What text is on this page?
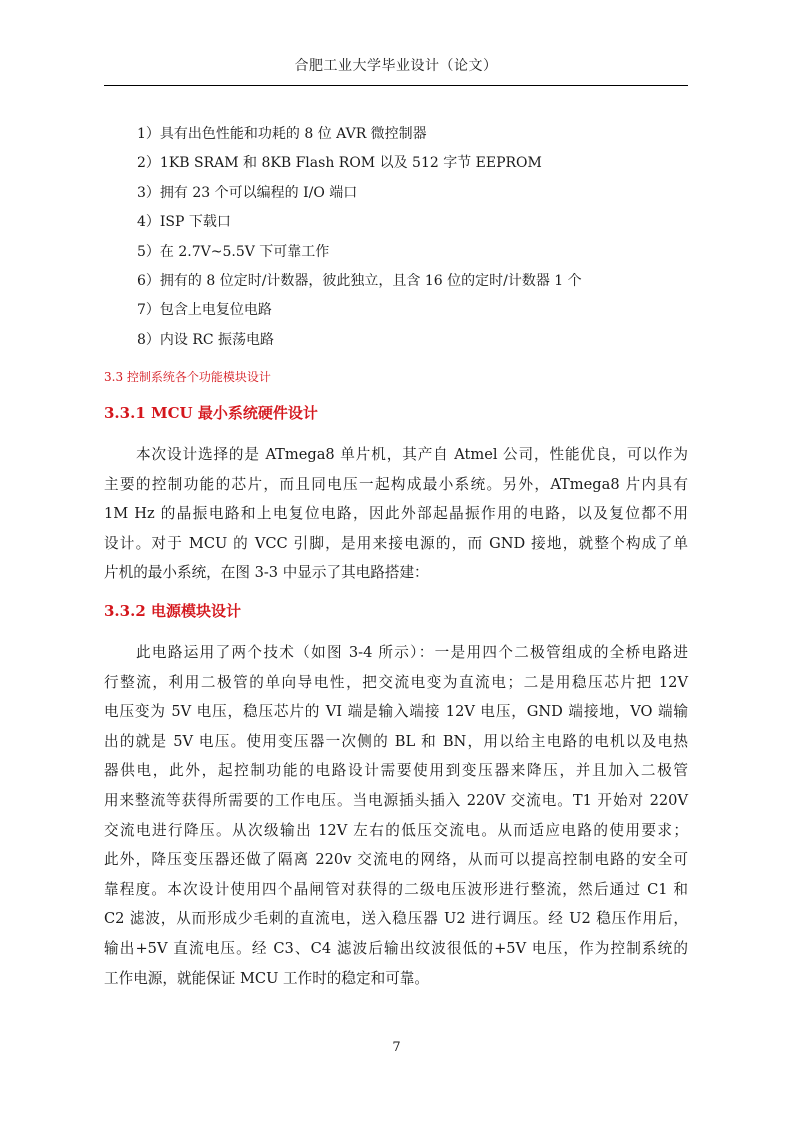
合肥工业大学毕业设计（论文）
1）具有出色性能和功耗的 8 位 AVR 微控制器
2）1KB SRAM 和 8KB Flash ROM 以及 512 字节 EEPROM
3）拥有 23 个可以编程的 I/O 端口
4）ISP 下载口
5）在 2.7V~5.5V 下可靠工作
6）拥有的 8 位定时/计数器，彼此独立，且含 16 位的定时/计数器 1 个
7）包含上电复位电路
8）内设 RC 振荡电路
3.3 控制系统各个功能模块设计
3.3.1 MCU 最小系统硬件设计
本次设计选择的是 ATmega8 单片机，其产自 Atmel 公司，性能优良，可以作为
主要的控制功能的芯片，而且同电压一起构成最小系统。另外，ATmega8 片内具有
1M Hz 的晶振电路和上电复位电路，因此外部起晶振作用的电路，以及复位都不用
设计。对于 MCU 的 VCC 引脚，是用来接电源的，而 GND 接地，就整个构成了单
片机的最小系统，在图 3-3 中显示了其电路搭建：
3.3.2 电源模块设计
此电路运用了两个技术（如图 3-4 所示）：一是用四个二极管组成的全桥电路进
行整流，利用二极管的单向导电性，把交流电变为直流电；二是用稳压芯片把 12V
电压变为 5V 电压，稳压芯片的 VI 端是输入端接 12V 电压，GND 端接地，VO 端输
出的就是 5V 电压。使用变压器一次侧的 BL 和 BN，用以给主电路的电机以及电热
器供电，此外，起控制功能的电路设计需要使用到变压器来降压，并且加入二极管
用来整流等获得所需要的工作电压。当电源插头插入 220V 交流电。T1 开始对 220V
交流电进行降压。从次级输出 12V 左右的低压交流电。从而适应电路的使用要求；
此外，降压变压器还做了隔离 220v 交流电的网络，从而可以提高控制电路的安全可
靠程度。本次设计使用四个晶闸管对获得的二级电压波形进行整流，然后通过 C1 和
C2 滤波，从而形成少毛刺的直流电，送入稳压器 U2 进行调压。经 U2 稳压作用后，
输出+5V 直流电压。经 C3、C4 滤波后输出纹波很低的+5V 电压，作为控制系统的
工作电源，就能保证 MCU 工作时的稳定和可靠。
7
